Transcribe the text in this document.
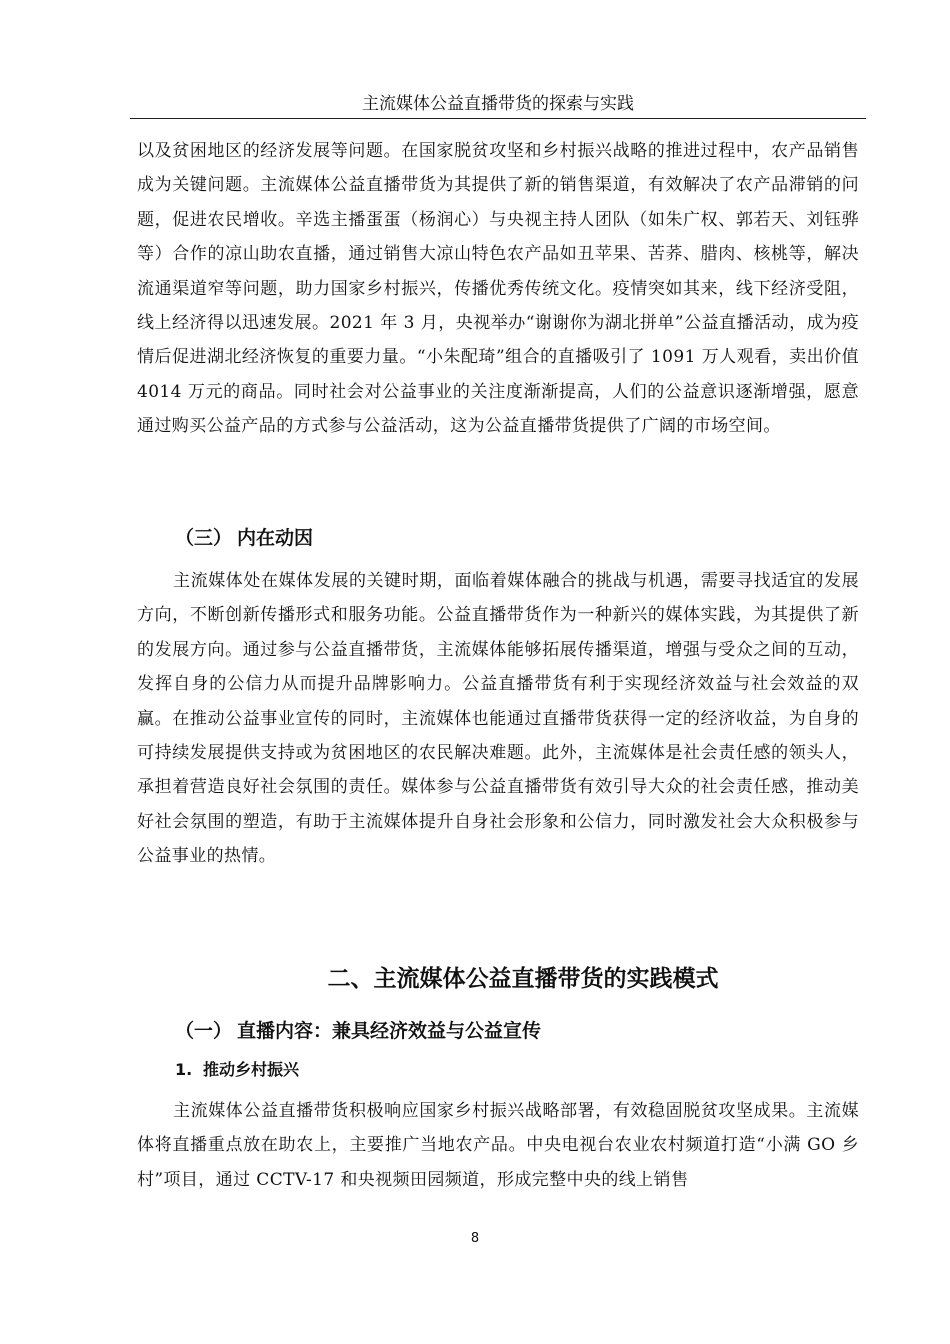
主流媒体公益直播带货的探索与实践

以及贫困地区的经济发展等问题。在国家脱贫攻坚和乡村振兴战略的推进过程中，农产品销售成为关键问题。主流媒体公益直播带货为其提供了新的销售渠道，有效解决了农产品滞销的问题，促进农民增收。辛选主播蛋蛋（杨润心）与央视主持人团队（如朱广权、郭若天、刘钰骅等）合作的凉山助农直播，通过销售大凉山特色农产品如丑苹果、苦荞、腊肉、核桃等，解决流通渠道窄等问题，助力国家乡村振兴，传播优秀传统文化。疫情突如其来，线下经济受阻，线上经济得以迅速发展。2021 年 3 月，央视举办“谢谢你为湖北拼单”公益直播活动，成为疫情后促进湖北经济恢复的重要力量。“小朱配琦”组合的直播吸引了 1091 万人观看，卖出价值 4014 万元的商品。同时社会对公益事业的关注度渐渐提高，人们的公益意识逐渐增强，愿意通过购买公益产品的方式参与公益活动，这为公益直播带货提供了广阔的市场空间。

（三） 内在动因

主流媒体处在媒体发展的关键时期，面临着媒体融合的挑战与机遇，需要寻找适宜的发展方向，不断创新传播形式和服务功能。公益直播带货作为一种新兴的媒体实践，为其提供了新的发展方向。通过参与公益直播带货，主流媒体能够拓展传播渠道，增强与受众之间的互动，发挥自身的公信力从而提升品牌影响力。公益直播带货有利于实现经济效益与社会效益的双赢。在推动公益事业宣传的同时，主流媒体也能通过直播带货获得一定的经济收益，为自身的可持续发展提供支持或为贫困地区的农民解决难题。此外，主流媒体是社会责任感的领头人，承担着营造良好社会氛围的责任。媒体参与公益直播带货有效引导大众的社会责任感，推动美好社会氛围的塑造，有助于主流媒体提升自身社会形象和公信力，同时激发社会大众积极参与公益事业的热情。

二、主流媒体公益直播带货的实践模式
（一） 直播内容：兼具经济效益与公益宣传
1. 推动乡村振兴

主流媒体公益直播带货积极响应国家乡村振兴战略部署，有效稳固脱贫攻坚成果。主流媒体将直播重点放在助农上，主要推广当地农产品。中央电视台农业农村频道打造“小满 GO 乡村”项目，通过 CCTV-17 和央视频田园频道，形成完整中央的线上销售

8
